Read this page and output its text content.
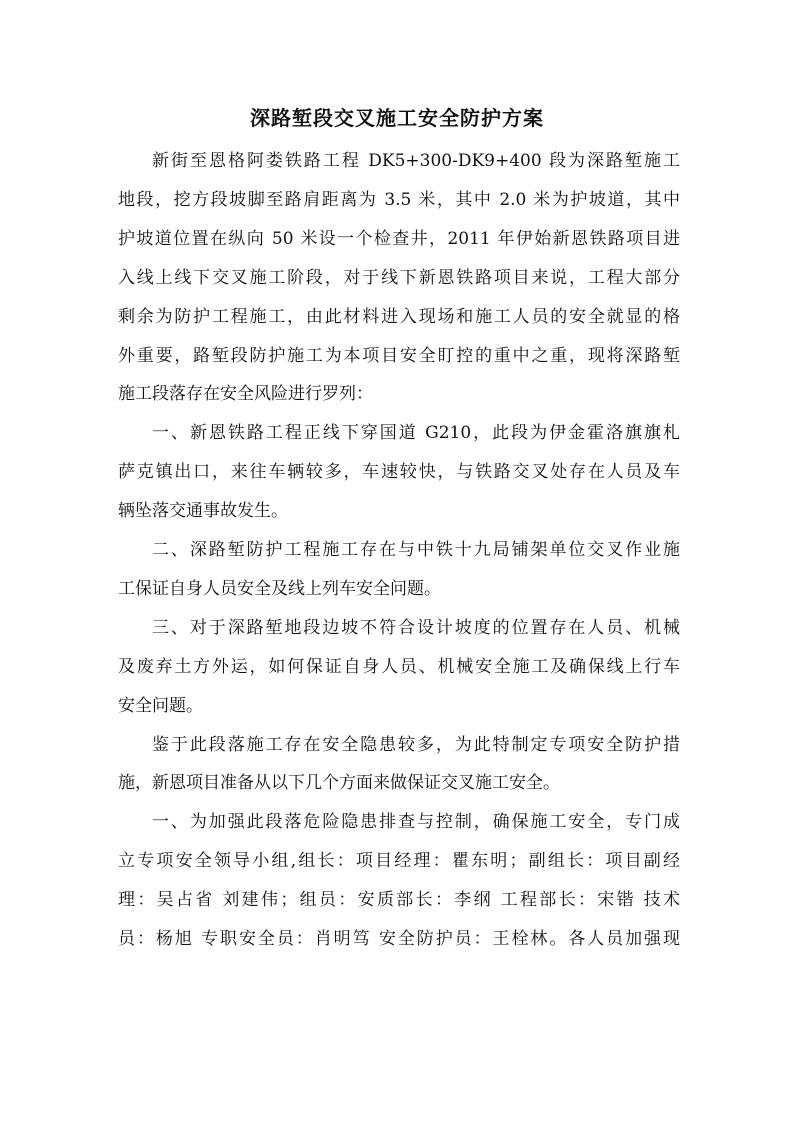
深路堑段交叉施工安全防护方案
新街至恩格阿娄铁路工程 DK5+300-DK9+400 段为深路堑施工
地段，挖方段坡脚至路肩距离为 3.5 米，其中 2.0 米为护坡道，其中
护坡道位置在纵向 50 米设一个检查井，2011 年伊始新恩铁路项目进
入线上线下交叉施工阶段，对于线下新恩铁路项目来说，工程大部分
剩余为防护工程施工，由此材料进入现场和施工人员的安全就显的格
外重要，路堑段防护施工为本项目安全盯控的重中之重，现将深路堑
施工段落存在安全风险进行罗列：
一、新恩铁路工程正线下穿国道 G210，此段为伊金霍洛旗旗札
萨克镇出口，来往车辆较多，车速较快，与铁路交叉处存在人员及车
辆坠落交通事故发生。
二、深路堑防护工程施工存在与中铁十九局铺架单位交叉作业施
工保证自身人员安全及线上列车安全问题。
三、对于深路堑地段边坡不符合设计坡度的位置存在人员、机械
及废弃土方外运，如何保证自身人员、机械安全施工及确保线上行车
安全问题。
鉴于此段落施工存在安全隐患较多，为此特制定专项安全防护措
施，新恩项目准备从以下几个方面来做保证交叉施工安全。
一、为加强此段落危险隐患排查与控制，确保施工安全，专门成
立专项安全领导小组,组长：项目经理：瞿东明；副组长：项目副经
理：吴占省 刘建伟；组员：安质部长：李纲 工程部长：宋锴 技术
员：杨旭 专职安全员：肖明笃 安全防护员：王栓林。各人员加强现
